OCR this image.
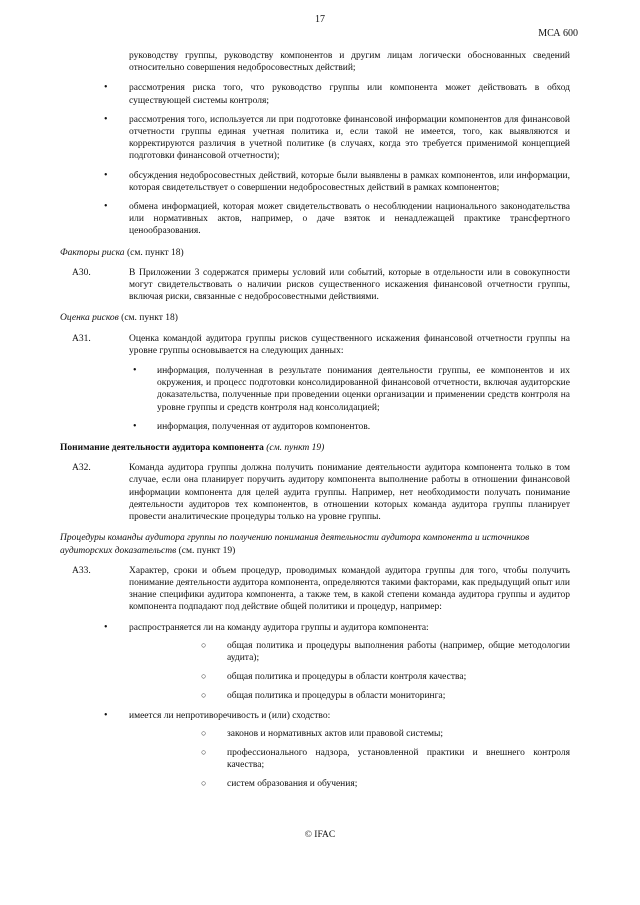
17
МСА 600

руководству группы, руководству компонентов и другим лицам логически обоснованных сведений относительно совершения недобросовестных действий;

• рассмотрения риска того, что руководство группы или компонента может действовать в обход существующей системы контроля;
• рассмотрения того, используется ли при подготовке финансовой информации компонентов для финансовой отчетности группы единая учетная политика и, если такой не имеется, того, как выявляются и корректируются различия в учетной политике (в случаях, когда это требуется применимой концепцией подготовки финансовой отчетности);
• обсуждения недобросовестных действий, которые были выявлены в рамках компонентов, или информации, которая свидетельствует о совершении недобросовестных действий в рамках компонентов;
• обмена информацией, которая может свидетельствовать о несоблюдении национального законодательства или нормативных актов, например, о даче взяток и ненадлежащей практике трансфертного ценообразования.

Факторы риска (см. пункт 18)

A30.	В Приложении 3 содержатся примеры условий или событий, которые в отдельности или в совокупности могут свидетельствовать о наличии рисков существенного искажения финансовой отчетности группы, включая риски, связанные с недобросовестными действиями.

Оценка рисков (см. пункт 18)

A31.	Оценка командой аудитора группы рисков существенного искажения финансовой отчетности группы на уровне группы основывается на следующих данных:
•	информация, полученная в результате понимания деятельности группы, ее компонентов и их окружения, и процесс подготовки консолидированной финансовой отчетности, включая аудиторские доказательства, полученные при проведении оценки организации и применении средств контроля на уровне группы и средств контроля над консолидацией;
•	информация, полученная от аудиторов компонентов.

Понимание деятельности аудитора компонента (см. пункт 19)

A32.	Команда аудитора группы должна получить понимание деятельности аудитора компонента только в том случае, если она планирует поручить аудитору компонента выполнение работы в отношении финансовой информации компонента для целей аудита группы. Например, нет необходимости получать понимание деятельности аудиторов тех компонентов, в отношении которых команда аудитора группы планирует провести аналитические процедуры только на уровне группы.

Процедуры команды аудитора группы по получению понимания деятельности аудитора компонента и источников аудиторских доказательств (см. пункт 19)

A33.	Характер, сроки и объем процедур, проводимых командой аудитора группы для того, чтобы получить понимание деятельности аудитора компонента, определяются такими факторами, как предыдущий опыт или знание специфики аудитора компонента, а также тем, в какой степени команда аудитора группы и аудитор компонента подпадают под действие общей политики и процедур, например:
• распространяется ли на команду аудитора группы и аудитора компонента:
○ общая политика и процедуры выполнения работы (например, общие методологии аудита);
○ общая политика и процедуры в области контроля качества;
○ общая политика и процедуры в области мониторинга;
• имеется ли непротиворечивость и (или) сходство:
○ законов и нормативных актов или правовой системы;
○ профессионального надзора, установленной практики и внешнего контроля качества;
○ систем образования и обучения;
© IFAC
